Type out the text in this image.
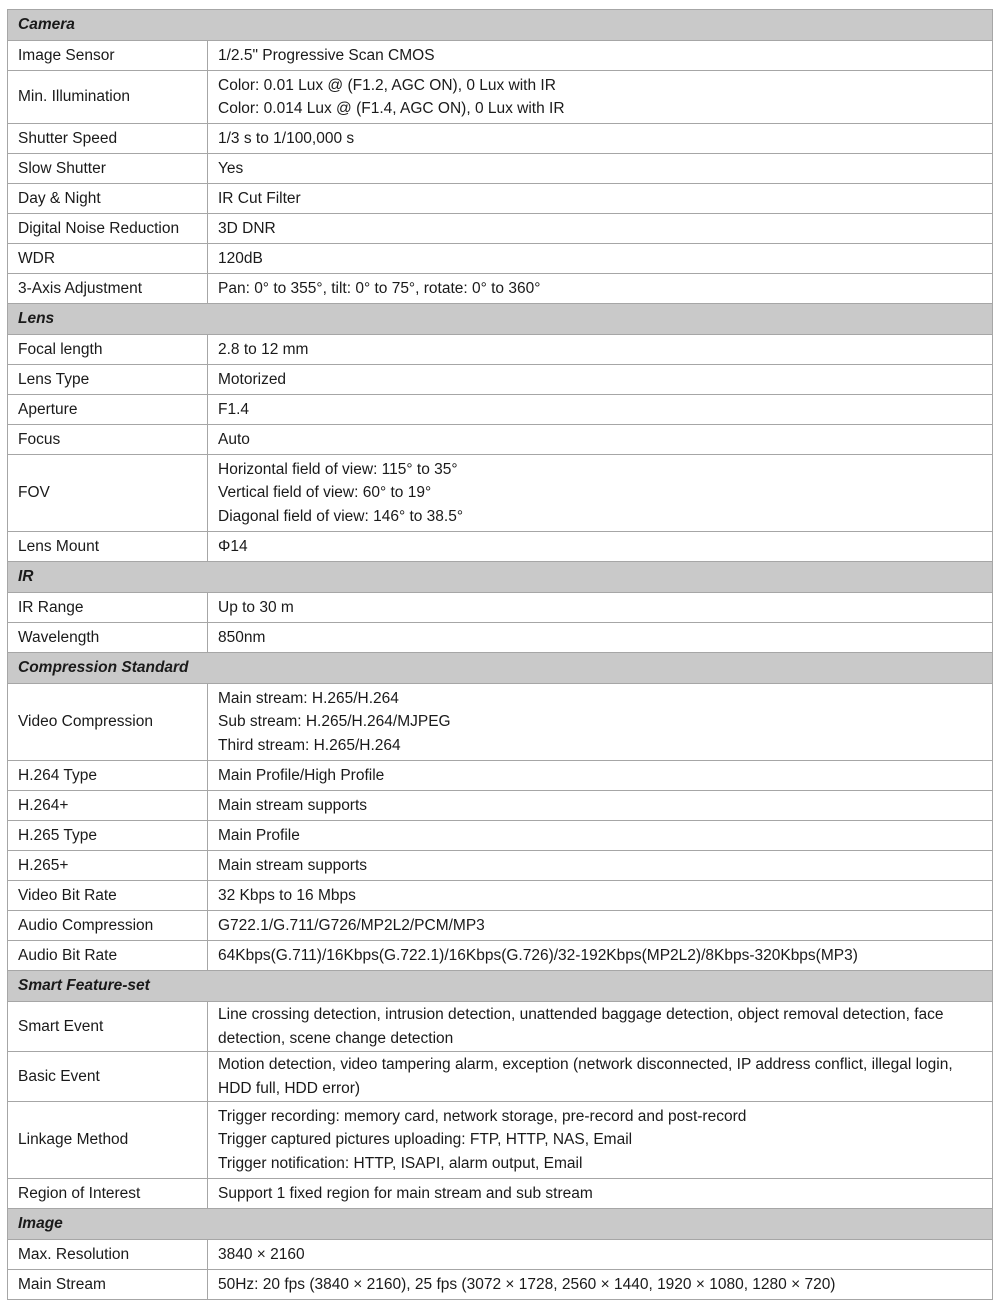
Camera	
Image Sensor	1/2.5" Progressive Scan CMOS

Min. Illumination	Color: 0.01 Lux @ (F1.2, AGC ON), 0 Lux with IR
Color: 0.014 Lux @ (F1.4, AGC ON), 0 Lux with IR

Shutter Speed	1/3 s to 1/100,000 s

Slow Shutter	Yes

Day & Night	IR Cut Filter

Digital Noise Reduction	3D DNR

WDR	120dB

3-Axis Adjustment	Pan: 0° to 355°, tilt: 0° to 75°, rotate: 0° to 360°

Lens	
Focal length	2.8 to 12 mm

Lens Type	Motorized

Aperture	F1.4

Focus	Auto

FOV	Horizontal field of view: 115° to 35°
Vertical field of view: 60° to 19°
Diagonal field of view: 146° to 38.5°

Lens Mount	Φ14

IR	
IR Range	Up to 30 m

Wavelength	850nm

Compression Standard	
Video Compression	Main stream: H.265/H.264
Sub stream: H.265/H.264/MJPEG
Third stream: H.265/H.264

H.264 Type	Main Profile/High Profile

H.264+	Main stream supports

H.265 Type	Main Profile

H.265+	Main stream supports

Video Bit Rate	32 Kbps to 16 Mbps

Audio Compression	G722.1/G.711/G726/MP2L2/PCM/MP3

Audio Bit Rate	64Kbps(G.711)/16Kbps(G.722.1)/16Kbps(G.726)/32-192Kbps(MP2L2)/8Kbps-320Kbps(MP3)

Smart Feature-set	
Smart Event	Line crossing detection, intrusion detection, unattended baggage detection, object removal detection, face detection, scene change detection

Basic Event	Motion detection, video tampering alarm, exception (network disconnected, IP address conflict, illegal login, HDD full, HDD error)

Linkage Method	Trigger recording: memory card, network storage, pre-record and post-record
Trigger captured pictures uploading: FTP, HTTP, NAS, Email
Trigger notification: HTTP, ISAPI, alarm output, Email

Region of Interest	Support 1 fixed region for main stream and sub stream

Image	
Max. Resolution	3840 × 2160

Main Stream	50Hz: 20 fps (3840 × 2160), 25 fps (3072 × 1728, 2560 × 1440, 1920 × 1080, 1280 × 720)
